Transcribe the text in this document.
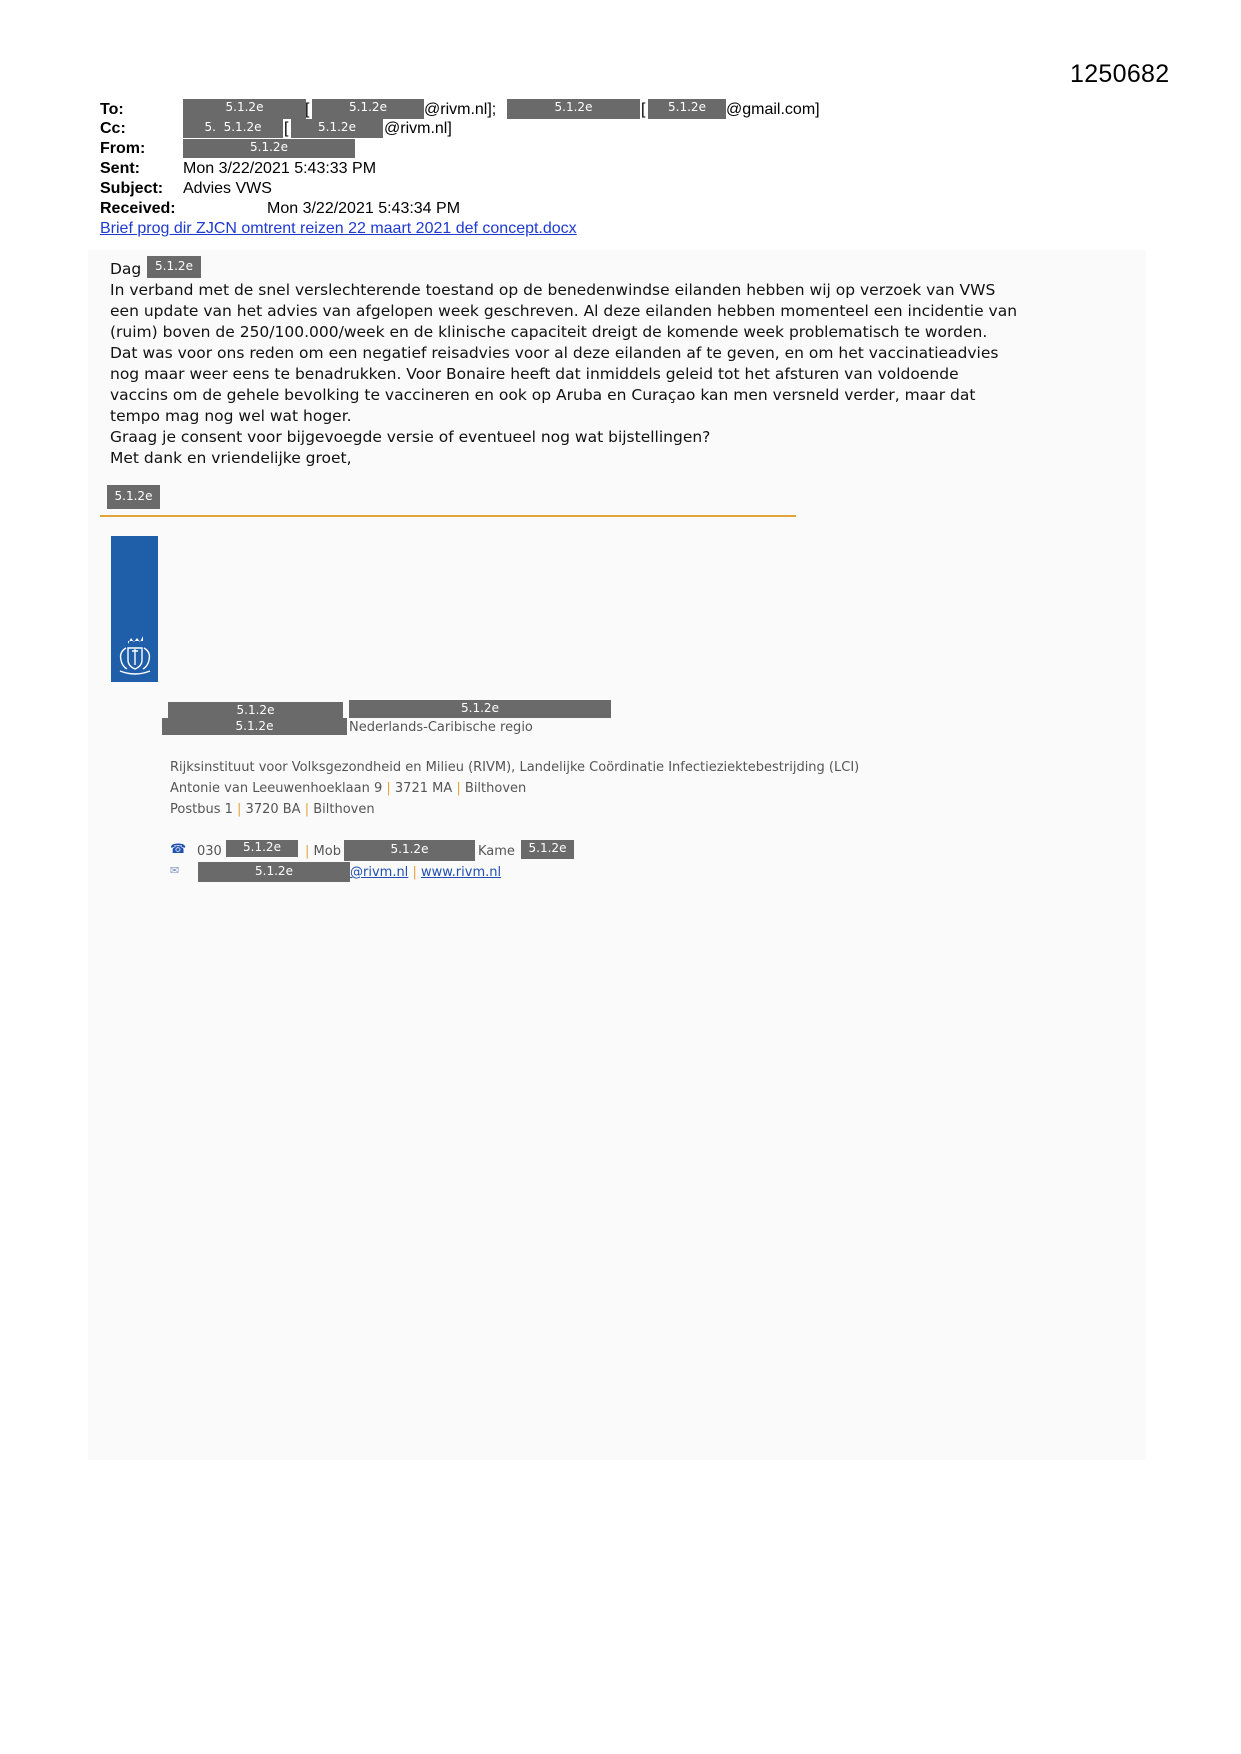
1250682
To:	5.1.2e	[	5.1.2e	@rivm.nl];	5.1.2e	[	5.1.2e	@gmail.com]
Cc:	5. 5.1.2e	[	5.1.2e	@rivm.nl]
From:	5.1.2e
Sent:	Mon 3/22/2021 5:43:33 PM
Subject: Advies VWS
Received:	Mon 3/22/2021 5:43:34 PM
Brief prog dir ZJCN omtrent reizen 22 maart 2021 def concept.docx
Dag	5.1.2e
In verband met de snel verslechterende toestand op de benedenwindse eilanden hebben wij op verzoek van VWS
een update van het advies van afgelopen week geschreven. Al deze eilanden hebben momenteel een incidentie van
(ruim) boven de 250/100.000/week en de klinische capaciteit dreigt de komende week problematisch te worden.
Dat was voor ons reden om een negatief reisadvies voor al deze eilanden af te geven, en om het vaccinatieadvies
nog maar weer eens te benadrukken. Voor Bonaire heeft dat inmiddels geleid tot het afsturen van voldoende
vaccins om de gehele bevolking te vaccineren en ook op Aruba en Curaçao kan men versneld verder, maar dat
tempo mag nog wel wat hoger.
Graag je consent voor bijgevoegde versie of eventueel nog wat bijstellingen?
Met dank en vriendelijke groet,
5.1.2e
5.1.2e	5.1.2e
5.1.2e	Nederlands-Caribische regio
Rijksinstituut voor Volksgezondheid en Milieu (RIVM), Landelijke Coördinatie Infectieziektebestrijding (LCI)
Antonie van Leeuwenhoeklaan 9 | 3721 MA | Bilthoven
Postbus 1 | 3720 BA | Bilthoven
☎ 030	5.1.2e	| Mob	5.1.2e	Kame	5.1.2e
✉	5.1.2e	@rivm.nl | www.rivm.nl
